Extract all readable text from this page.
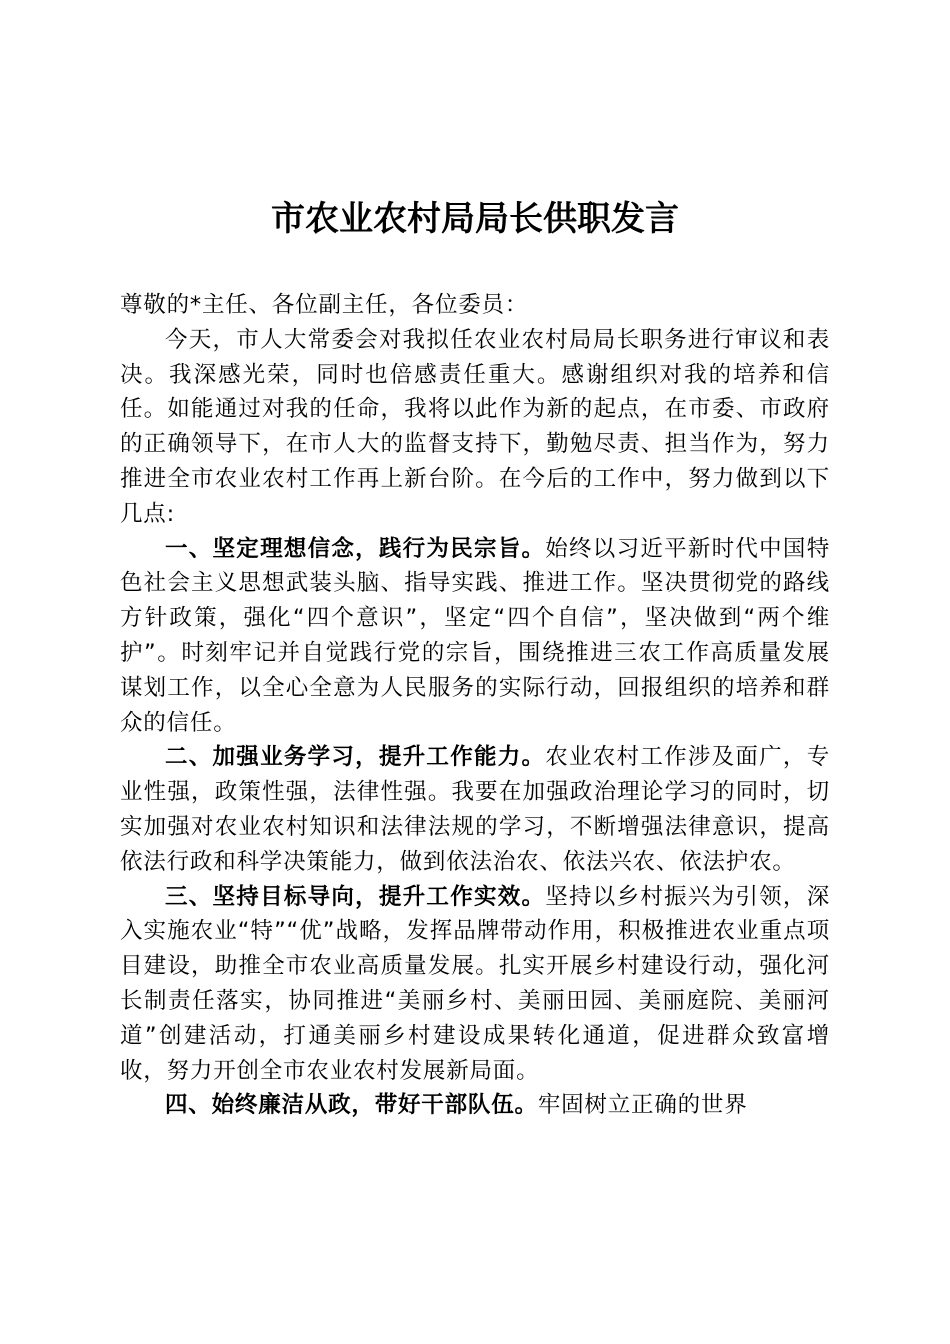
市农业农村局局长供职发言

尊敬的*主任、各位副主任，各位委员：

今天，市人大常委会对我拟任农业农村局局长职务进行审议和表决。我深感光荣，同时也倍感责任重大。感谢组织对我的培养和信任。如能通过对我的任命，我将以此作为新的起点，在市委、市政府的正确领导下，在市人大的监督支持下，勤勉尽责、担当作为，努力推进全市农业农村工作再上新台阶。在今后的工作中，努力做到以下几点:

一、坚定理想信念，践行为民宗旨。始终以习近平新时代中国特色社会主义思想武装头脑、指导实践、推进工作。坚决贯彻党的路线方针政策，强化“四个意识”，坚定“四个自信”，坚决做到“两个维护”。时刻牢记并自觉践行党的宗旨，围绕推进三农工作高质量发展谋划工作，以全心全意为人民服务的实际行动，回报组织的培养和群众的信任。

二、加强业务学习，提升工作能力。农业农村工作涉及面广，专业性强，政策性强，法律性强。我要在加强政治理论学习的同时，切实加强对农业农村知识和法律法规的学习，不断增强法律意识，提高依法行政和科学决策能力，做到依法治农、依法兴农、依法护农。

三、坚持目标导向，提升工作实效。坚持以乡村振兴为引领，深入实施农业“特”“优”战略，发挥品牌带动作用，积极推进农业重点项目建设，助推全市农业高质量发展。扎实开展乡村建设行动，强化河长制责任落实，协同推进“美丽乡村、美丽田园、美丽庭院、美丽河道”创建活动，打通美丽乡村建设成果转化通道，促进群众致富增收，努力开创全市农业农村发展新局面。

四、始终廉洁从政，带好干部队伍。牢固树立正确的世界
